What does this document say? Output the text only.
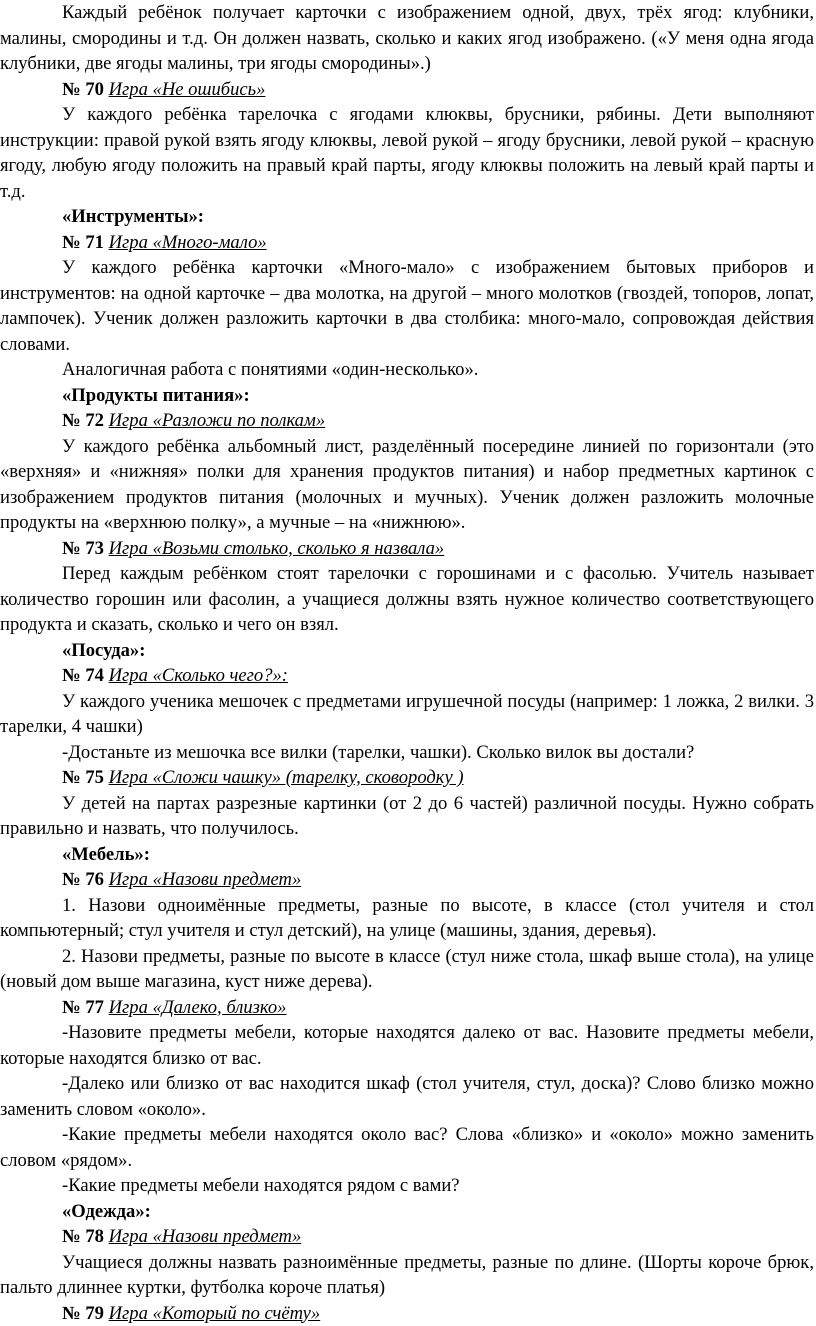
Каждый ребёнок получает карточки с изображением одной, двух, трёх ягод: клубники, малины, смородины и т.д. Он должен назвать, сколько и каких ягод изображено. («У меня одна ягода клубники, две ягоды малины, три ягоды смородины».)

№ 70 Игра «Не ошибись»

У каждого ребёнка тарелочка с ягодами клюквы, брусники, рябины. Дети выполняют инструкции: правой рукой взять ягоду клюквы, левой рукой – ягоду брусники, левой рукой – красную ягоду, любую ягоду положить на правый край парты, ягоду клюквы положить на левый край парты и т.д.

«Инструменты»:

№ 71 Игра «Много-мало»

У каждого ребёнка карточки «Много-мало» с изображением бытовых приборов и инструментов: на одной карточке – два молотка, на другой – много молотков (гвоздей, топоров, лопат, лампочек). Ученик должен разложить карточки в два столбика: много-мало, сопровождая действия словами.

Аналогичная работа с понятиями «один-несколько».

«Продукты питания»:

№ 72 Игра «Разложи по полкам»

У каждого ребёнка альбомный лист, разделённый посередине линией по горизонтали (это «верхняя» и «нижняя» полки для хранения продуктов питания) и набор предметных картинок с изображением продуктов питания (молочных и мучных). Ученик должен разложить молочные продукты на «верхнюю полку», а мучные – на «нижнюю».

№ 73 Игра «Возьми столько, сколько я назвала»

Перед каждым ребёнком стоят тарелочки с горошинами и с фасолью. Учитель называет количество горошин или фасолин, а учащиеся должны взять нужное количество соответствующего продукта и сказать, сколько и чего он взял.

«Посуда»:

№ 74 Игра «Сколько чего?»:

У каждого ученика мешочек с предметами игрушечной посуды (например: 1 ложка, 2 вилки. 3 тарелки, 4 чашки)

-Достаньте из мешочка все вилки (тарелки, чашки). Сколько вилок вы достали?

№ 75 Игра «Сложи чашку» (тарелку, сковородку )

У детей на партах разрезные картинки (от 2 до 6 частей) различной посуды. Нужно собрать правильно и назвать, что получилось.

«Мебель»:

№ 76 Игра «Назови предмет»

1. Назови одноимённые предметы, разные по высоте, в классе (стол учителя и стол компьютерный; стул учителя и стул детский), на улице (машины, здания, деревья).

2. Назови предметы, разные по высоте в классе (стул ниже стола, шкаф выше стола), на улице (новый дом выше магазина, куст ниже дерева).

№ 77 Игра «Далеко, близко»

-Назовите предметы мебели, которые находятся далеко от вас. Назовите предметы мебели, которые находятся близко от вас.

-Далеко или близко от вас находится шкаф (стол учителя, стул, доска)? Слово близко можно заменить словом «около».

-Какие предметы мебели находятся около вас? Слова «близко» и «около» можно заменить словом «рядом».

-Какие предметы мебели находятся рядом с вами?

«Одежда»:

№ 78 Игра «Назови предмет»

Учащиеся должны назвать разноимённые предметы, разные по длине. (Шорты короче брюк, пальто длиннее куртки, футболка короче платья)

№ 79 Игра «Который по счёту»
